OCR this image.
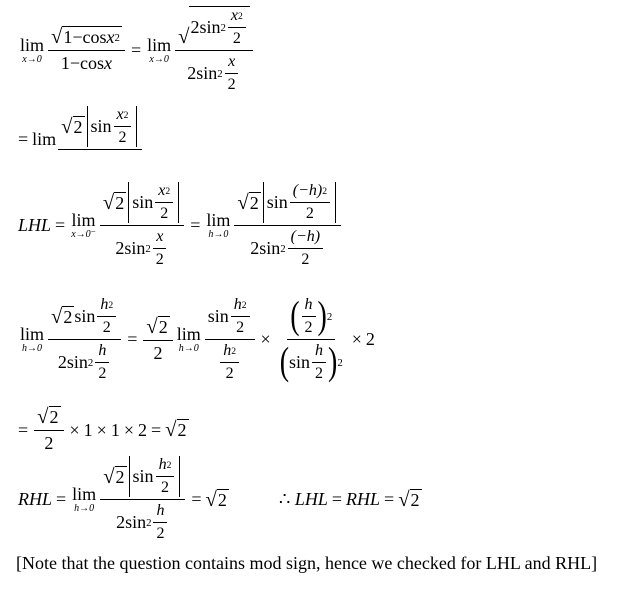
lim
$x\to 0 \frac{\text{√ 1 − cos x 2}}{\text{1 − cos x}} = \lim$
$x\to 0 \frac{√ 2 \sin 2 \frac{x 2}{2}}{2 \sin 2 \frac{x}{2}}$
= lim
√ 2 $\sin \frac{x 2}{2}$

LHL = lim
$x\to 0^- \frac{√ 2 \sin \frac{x 2}{2}}{2 \sin 2 \frac{x}{2}} = \lim$
$h\to 0 \frac{√ 2 \sin \frac{(-h) 2}{2}}{2 \sin 2 \frac{(-h)}{2}}$
lim
$h\to 0 \frac{√ 2 \sin \frac{h 2}{2}}{2 \sin 2 \frac{h}{2}} = \frac{√ 2}{2}$ lim
$h\to 0 \frac{\sin \frac{h 2}{2}}{\frac{h 2}{2}} \times \frac{( \frac{h}{2} ) 2}{( \sin \frac{h}{2} ) 2} \times 2$
= $\frac{√ 2}{2} \times 1 \times 1 \times 2$ = √ 2
RHL = lim
$h\to 0 \frac{√ 2 \sin \frac{h 2}{2}}{2 \sin 2 \frac{h}{2}}$ = √ 2	∴
LHL = RHL = √ 2
[Note that the question contains mod sign, hence we checked for LHL and RHL]
